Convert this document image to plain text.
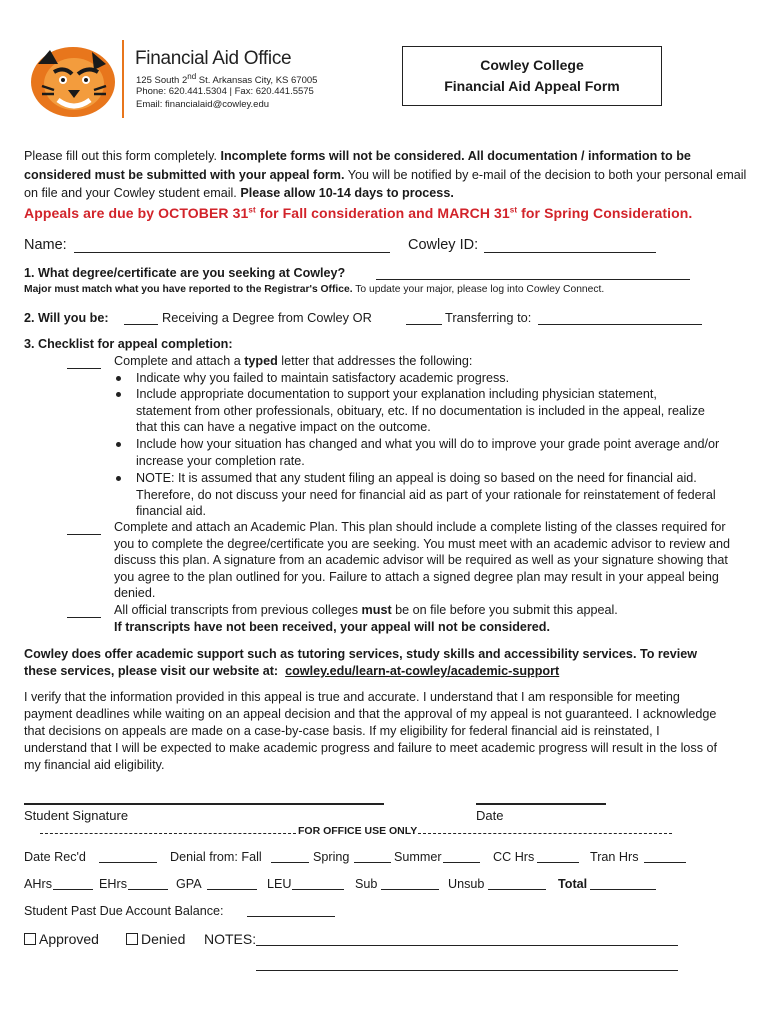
Financial Aid Office
125 South 2nd St. Arkansas City, KS 67005
Phone: 620.441.5304 | Fax: 620.441.5575
Email: financialaid@cowley.edu
Cowley College
Financial Aid Appeal Form
Please fill out this form completely. Incomplete forms will not be considered. All documentation / information to be considered must be submitted with your appeal form. You will be notified by e-mail of the decision to both your personal email on file and your Cowley student email. Please allow 10-14 days to process.
Appeals are due by OCTOBER 31st for Fall consideration and MARCH 31st for Spring Consideration.
Name:	Cowley ID:
1. What degree/certificate are you seeking at Cowley?
Major must match what you have reported to the Registrar's Office. To update your major, please log into Cowley Connect.
2. Will you be:	Receiving a Degree from Cowley OR	Transferring to:
3. Checklist for appeal completion:
Complete and attach a typed letter that addresses the following:
Indicate why you failed to maintain satisfactory academic progress.
Include appropriate documentation to support your explanation including physician statement, statement from other professionals, obituary, etc. If no documentation is included in the appeal, realize that this can have a negative impact on the outcome.
Include how your situation has changed and what you will do to improve your grade point average and/or increase your completion rate.
NOTE: It is assumed that any student filing an appeal is doing so based on the need for financial aid. Therefore, do not discuss your need for financial aid as part of your rationale for reinstatement of federal financial aid.
Complete and attach an Academic Plan. This plan should include a complete listing of the classes required for you to complete the degree/certificate you are seeking. You must meet with an academic advisor to review and discuss this plan. A signature from an academic advisor will be required as well as your signature showing that you agree to the plan outlined for you. Failure to attach a signed degree plan may result in your appeal being denied.
All official transcripts from previous colleges must be on file before you submit this appeal.
If transcripts have not been received, your appeal will not be considered.
Cowley does offer academic support such as tutoring services, study skills and accessibility services. To review these services, please visit our website at: cowley.edu/learn-at-cowley/academic-support
I verify that the information provided in this appeal is true and accurate. I understand that I am responsible for meeting payment deadlines while waiting on an appeal decision and that the approval of my appeal is not guaranteed. I acknowledge that decisions on appeals are made on a case-by-case basis. If my eligibility for federal financial aid is reinstated, I understand that I will be expected to make academic progress and failure to meet academic progress will result in the loss of my financial aid eligibility.
Student Signature	Date
FOR OFFICE USE ONLY
Date Rec'd	Denial from: Fall	Spring	Summer	CC Hrs	Tran Hrs
AHrs	EHrs	GPA	LEU	Sub	Unsub	Total
Student Past Due Account Balance:
Approved	Denied NOTES:
